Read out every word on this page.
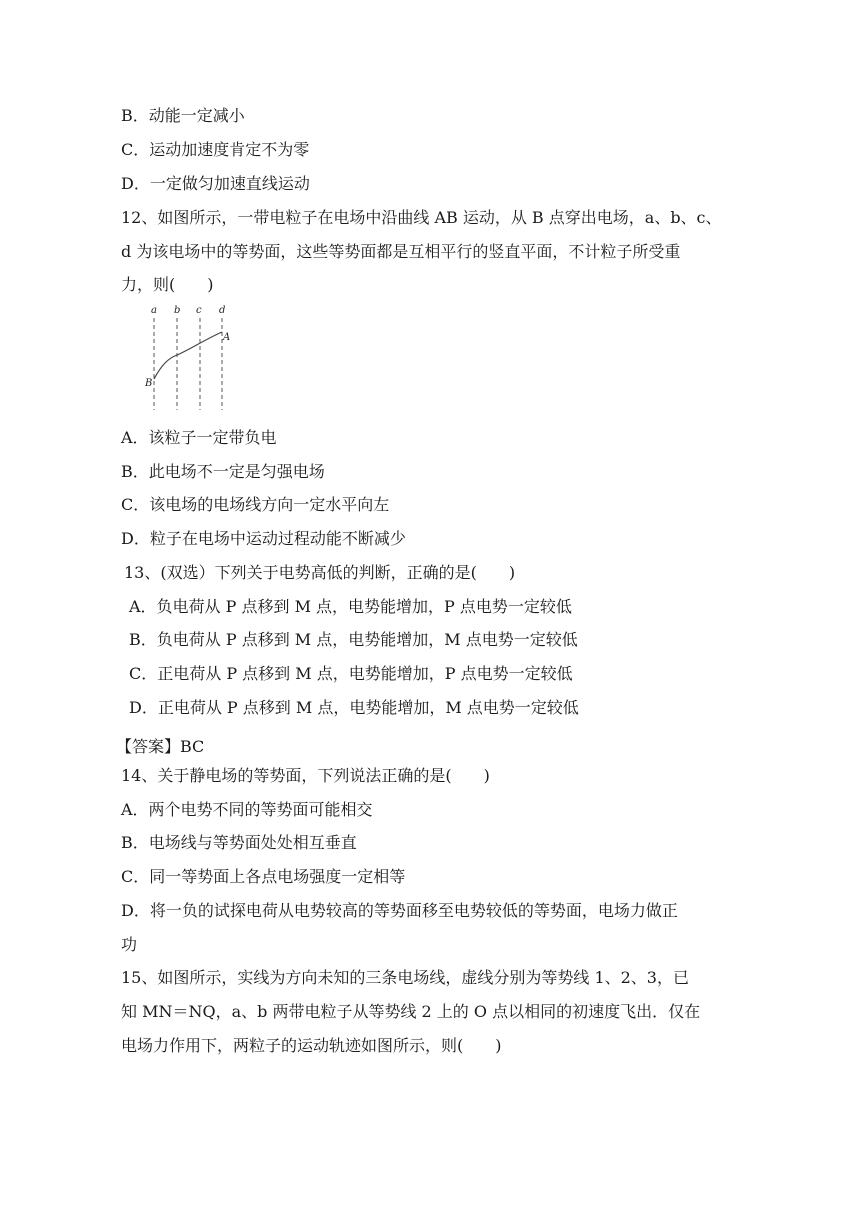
B．动能一定减小
C．运动加速度肯定不为零
D．一定做匀加速直线运动
12、如图所示，一带电粒子在电场中沿曲线 AB 运动，从 B 点穿出电场，a、b、c、
d 为该电场中的等势面，这些等势面都是互相平行的竖直平面，不计粒子所受重
力，则(　　)
a b c d
A
B
A．该粒子一定带负电
B．此电场不一定是匀强电场
C．该电场的电场线方向一定水平向左
D．粒子在电场中运动过程动能不断减少
13、(双选）下列关于电势高低的判断，正确的是(　　)
A．负电荷从 P 点移到 M 点，电势能增加，P 点电势一定较低
B．负电荷从 P 点移到 M 点，电势能增加，M 点电势一定较低
C．正电荷从 P 点移到 M 点，电势能增加，P 点电势一定较低
D．正电荷从 P 点移到 M 点，电势能增加，M 点电势一定较低
【答案】BC
14、关于静电场的等势面，下列说法正确的是(　　)
A．两个电势不同的等势面可能相交
B．电场线与等势面处处相互垂直
C．同一等势面上各点电场强度一定相等
D．将一负的试探电荷从电势较高的等势面移至电势较低的等势面，电场力做正
功
15、如图所示，实线为方向未知的三条电场线，虚线分别为等势线 1、2、3，已
知 MN＝NQ，a、b 两带电粒子从等势线 2 上的 O 点以相同的初速度飞出．仅在
电场力作用下，两粒子的运动轨迹如图所示，则(　　)
